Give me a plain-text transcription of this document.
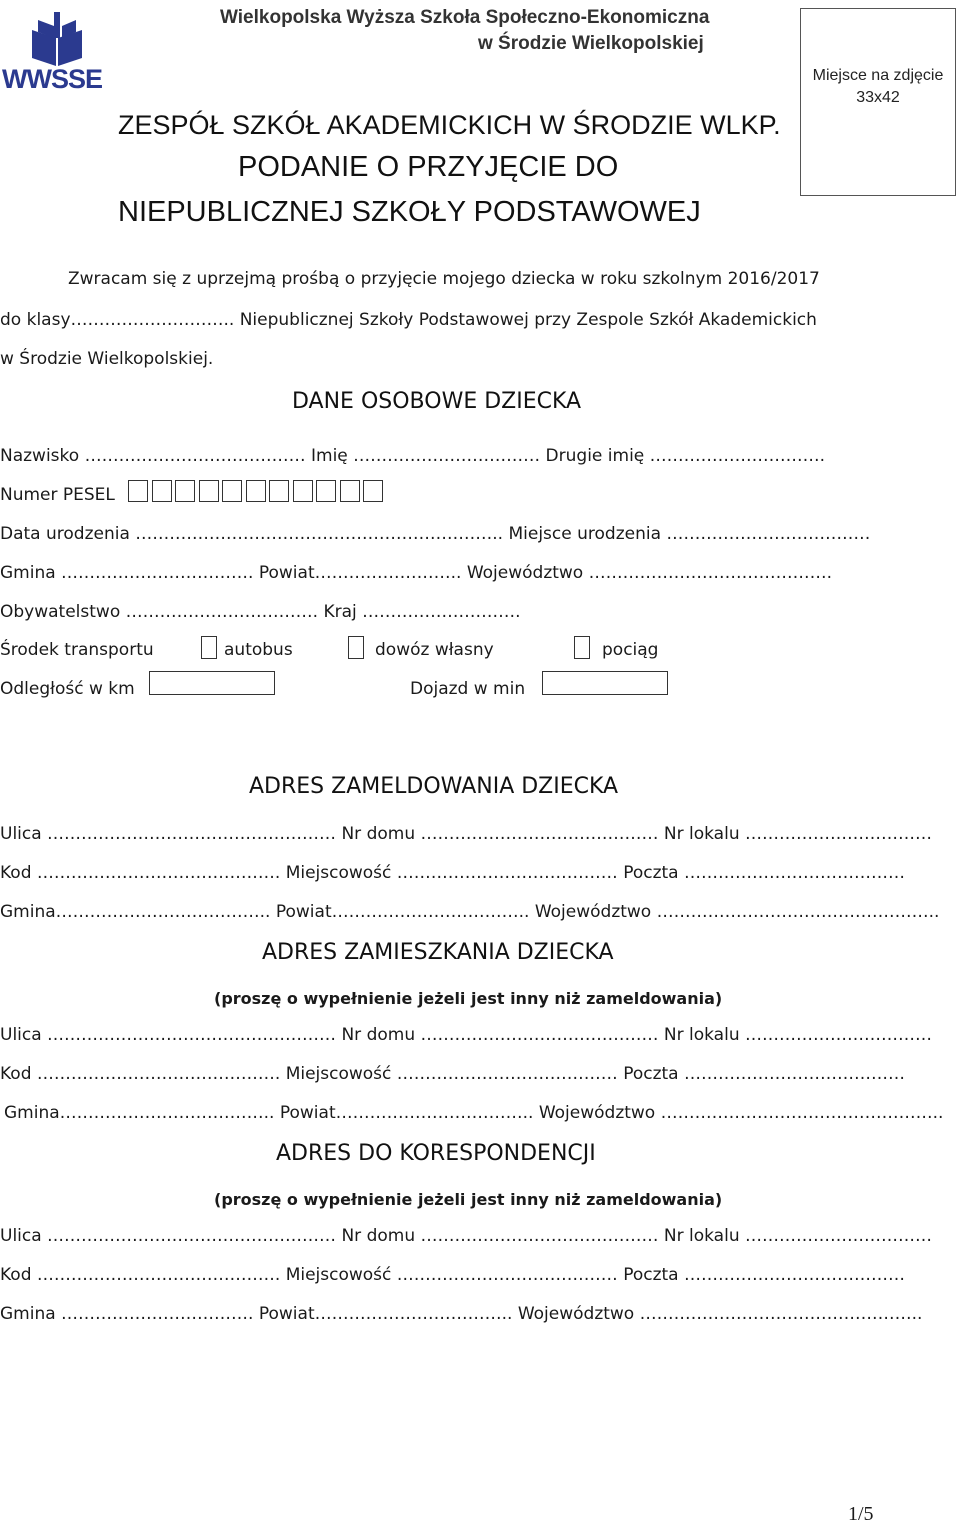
WWSSE
Wielkopolska Wyższa Szkoła Społeczno-Ekonomiczna
w Środzie Wielkopolskiej
Miejsce na zdjęcie 33x42
ZESPÓŁ SZKÓŁ AKADEMICKICH W ŚRODZIE WLKP.
PODANIE O PRZYJĘCIE DO
NIEPUBLICZNEJ SZKOŁY PODSTAWOWEJ
Zwracam się z uprzejmą prośbą o przyjęcie mojego dziecka w roku szkolnym 2016/2017
do klasy……………………….. Niepublicznej Szkoły Podstawowej przy Zespole Szkół Akademickich
w Środzie Wielkopolskiej.
DANE OSOBOWE DZIECKA
Nazwisko ………………………………… Imię …………………………… Drugie imię ………………………….
Numer PESEL
Data urodzenia ……………………………………………………….. Miejsce urodzenia ………………………………
Gmina ……………………………. Powiat…………………….. Województwo …………………………………….
Obywatelstwo ……………………………. Kraj ……………………….
Środek transportu	autobus	dowóz własny	pociąg
Odległość w km	Dojazd w min
ADRES ZAMELDOWANIA DZIECKA
Ulica …………………………………………… Nr domu …………………………………… Nr lokalu ……………………………
Kod ……………………………………. Miejscowość ………………………………… Poczta …………………………………
Gmina……………………………….. Powiat…………………………….. Województwo …………………………………………..
ADRES ZAMIESZKANIA DZIECKA
(proszę o wypełnienie jeżeli jest inny niż zameldowania)
Ulica …………………………………………… Nr domu …………………………………… Nr lokalu ……………………………
Kod ……………………………………. Miejscowość ………………………………… Poczta …………………………………
Gmina……………………………….. Powiat…………………………….. Województwo …………………………………………..
ADRES DO KORESPONDENCJI
(proszę o wypełnienie jeżeli jest inny niż zameldowania)
Ulica …………………………………………… Nr domu …………………………………… Nr lokalu ……………………………
Kod ……………………………………. Miejscowość ………………………………… Poczta …………………………………
Gmina ……………………………. Powiat…………………………….. Województwo …………………………………………..
1/5
